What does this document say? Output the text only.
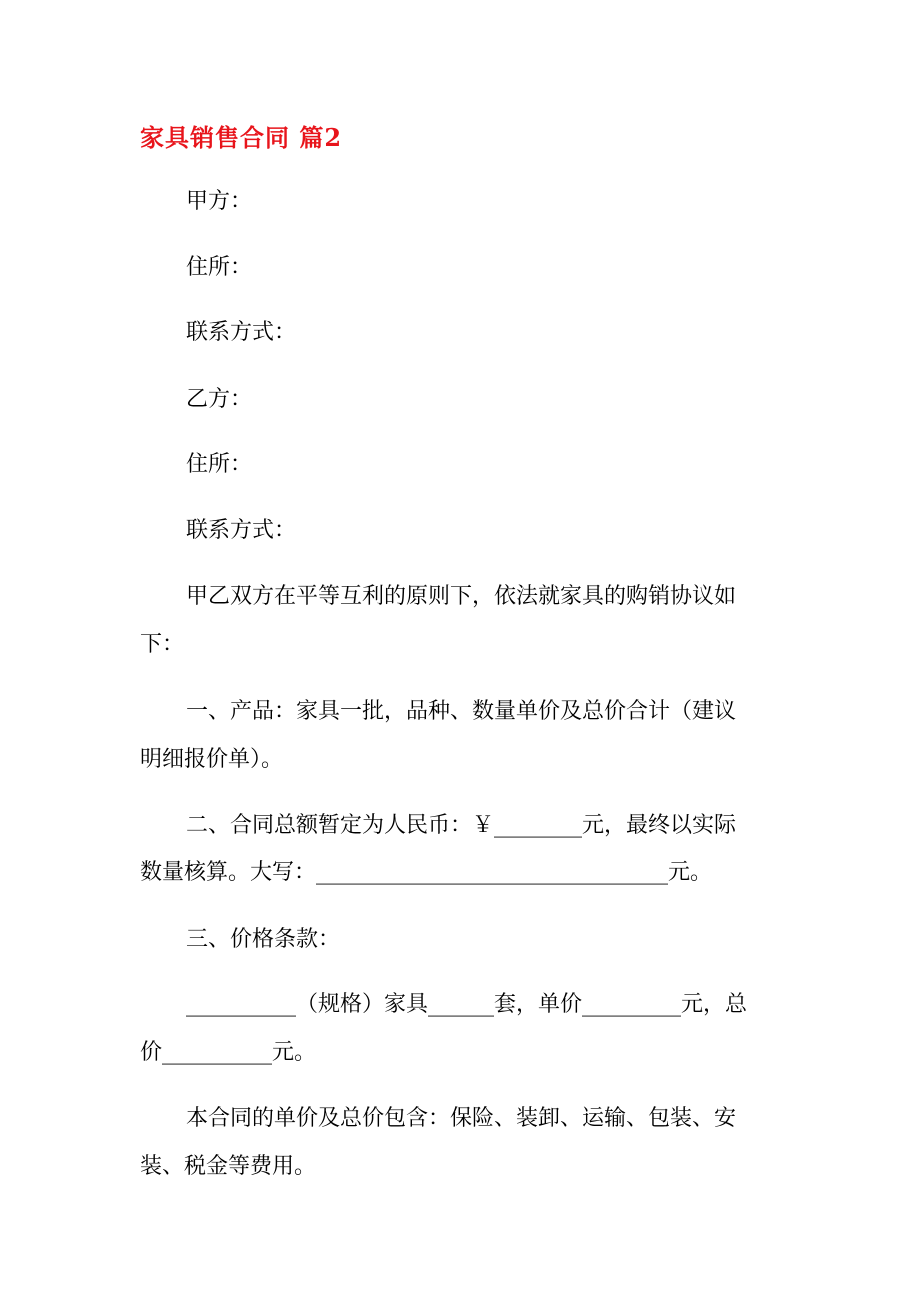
家具销售合同 篇2

甲方：

住所：

联系方式：

乙方：

住所：

联系方式：

甲乙双方在平等互利的原则下，依法就家具的购销协议如

下：

一、产品：家具一批，品种、数量单价及总价合计（建议

明细报价单）。

二、合同总额暂定为人民币：￥________元，最终以实际

数量核算。大写：________________________________元。

三、价格条款：

__________（规格）家具______套，单价_________元，总

价__________元。

本合同的单价及总价包含：保险、装卸、运输、包装、安

装、税金等费用。
